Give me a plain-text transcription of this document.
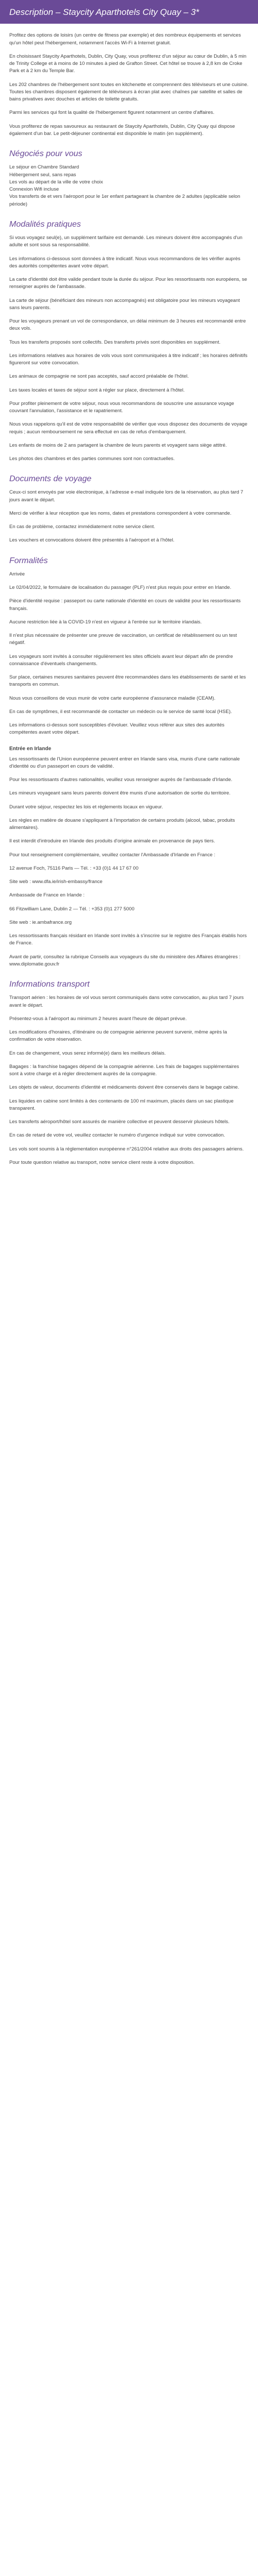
Description – Staycity Aparthotels City Quay – 3*

Profitez des options de loisirs (un centre de fitness par exemple) et des nombreux équipements et services qu'un hôtel peut l'hébergement, notamment l'accès Wi-Fi à Internet gratuit.

En choisissant Staycity Aparthotels, Dublin, City Quay, vous profiterez d'un séjour au cœur de Dublin, à 5 min de Trinity College et à moins de 10 minutes à pied de Grafton Street. Cet hôtel se trouve à 2,8 km de Croke Park et à 2 km du Temple Bar.

Les 202 chambres de l'hébergement sont toutes en kitchenette et comprennent des téléviseurs et une cuisine. Toutes les chambres disposent également de téléviseurs à écran plat avec chaînes par satellite et salles de bains privatives avec douches et articles de toilette gratuits.

Parmi les services qui font la qualité de l'hébergement figurent notamment un centre d'affaires.

Vous profiterez de repas savoureux au restaurant de Staycity Aparthotels, Dublin, City Quay qui dispose également d'un bar. Le petit-déjeuner continental est disponible le matin (en supplément).

Négociés pour vous
Le séjour en Chambre Standard
Hébergement seul, sans repas
Les vols au départ de la ville de votre choix
Connexion Wifi incluse
Vos transferts de et vers l'aéroport pour le 1er enfant partageant la chambre de 2 adultes (applicable selon période)
Modalités pratiques

Si vous voyagez seul(e), un supplément tarifaire est demandé. Les mineurs doivent être accompagnés d'un adulte et sont sous sa responsabilité.

Les informations ci-dessous sont données à titre indicatif. Nous vous recommandons de les vérifier auprès des autorités compétentes avant votre départ.

La carte d'identité doit être valide pendant toute la durée du séjour. Pour les ressortissants non européens, se renseigner auprès de l'ambassade.

La carte de séjour (bénéficiant des mineurs non accompagnés) est obligatoire pour les mineurs voyageant sans leurs parents.

Pour les voyageurs prenant un vol de correspondance, un délai minimum de 3 heures est recommandé entre deux vols.

Tous les transferts proposés sont collectifs. Des transferts privés sont disponibles en supplément.

Les informations relatives aux horaires de vols vous sont communiquées à titre indicatif ; les horaires définitifs figureront sur votre convocation.

Les animaux de compagnie ne sont pas acceptés, sauf accord préalable de l'hôtel.

Les taxes locales et taxes de séjour sont à régler sur place, directement à l'hôtel.

Pour profiter pleinement de votre séjour, nous vous recommandons de souscrire une assurance voyage couvrant l'annulation, l'assistance et le rapatriement.

Nous vous rappelons qu'il est de votre responsabilité de vérifier que vous disposez des documents de voyage requis ; aucun remboursement ne sera effectué en cas de refus d'embarquement.

Les enfants de moins de 2 ans partagent la chambre de leurs parents et voyagent sans siège attitré.

Les photos des chambres et des parties communes sont non contractuelles.

Documents de voyage

Ceux-ci sont envoyés par voie électronique, à l'adresse e-mail indiquée lors de la réservation, au plus tard 7 jours avant le départ.

Merci de vérifier à leur réception que les noms, dates et prestations correspondent à votre commande.

En cas de problème, contactez immédiatement notre service client.

Les vouchers et convocations doivent être présentés à l'aéroport et à l'hôtel.

Formalités

Arrivée

Le 02/04/2022, le formulaire de localisation du passager (PLF) n'est plus requis pour entrer en Irlande.

Pièce d'identité requise : passeport ou carte nationale d'identité en cours de validité pour les ressortissants français.

Aucune restriction liée à la COVID-19 n'est en vigueur à l'entrée sur le territoire irlandais.

Il n'est plus nécessaire de présenter une preuve de vaccination, un certificat de rétablissement ou un test négatif.

Les voyageurs sont invités à consulter régulièrement les sites officiels avant leur départ afin de prendre connaissance d'éventuels changements.

Sur place, certaines mesures sanitaires peuvent être recommandées dans les établissements de santé et les transports en commun.

Nous vous conseillons de vous munir de votre carte européenne d'assurance maladie (CEAM).

En cas de symptômes, il est recommandé de contacter un médecin ou le service de santé local (HSE).

Les informations ci-dessus sont susceptibles d'évoluer. Veuillez vous référer aux sites des autorités compétentes avant votre départ.

Entrée en Irlande

Les ressortissants de l'Union européenne peuvent entrer en Irlande sans visa, munis d'une carte nationale d'identité ou d'un passeport en cours de validité.

Pour les ressortissants d'autres nationalités, veuillez vous renseigner auprès de l'ambassade d'Irlande.

Les mineurs voyageant sans leurs parents doivent être munis d'une autorisation de sortie du territoire.

Durant votre séjour, respectez les lois et règlements locaux en vigueur.

Les règles en matière de douane s'appliquent à l'importation de certains produits (alcool, tabac, produits alimentaires).

Il est interdit d'introduire en Irlande des produits d'origine animale en provenance de pays tiers.

Pour tout renseignement complémentaire, veuillez contacter l'Ambassade d'Irlande en France :

12 avenue Foch, 75116 Paris — Tél. : +33 (0)1 44 17 67 00

Site web : www.dfa.ie/irish-embassy/france

Ambassade de France en Irlande :

66 Fitzwilliam Lane, Dublin 2 — Tél. : +353 (0)1 277 5000

Site web : ie.ambafrance.org

Les ressortissants français résidant en Irlande sont invités à s'inscrire sur le registre des Français établis hors de France.

Avant de partir, consultez la rubrique Conseils aux voyageurs du site du ministère des Affaires étrangères : www.diplomatie.gouv.fr

Informations transport

Transport aérien : les horaires de vol vous seront communiqués dans votre convocation, au plus tard 7 jours avant le départ.

Présentez-vous à l'aéroport au minimum 2 heures avant l'heure de départ prévue.

Les modifications d'horaires, d'itinéraire ou de compagnie aérienne peuvent survenir, même après la confirmation de votre réservation.

En cas de changement, vous serez informé(e) dans les meilleurs délais.

Bagages : la franchise bagages dépend de la compagnie aérienne. Les frais de bagages supplémentaires sont à votre charge et à régler directement auprès de la compagnie.

Les objets de valeur, documents d'identité et médicaments doivent être conservés dans le bagage cabine.

Les liquides en cabine sont limités à des contenants de 100 ml maximum, placés dans un sac plastique transparent.

Les transferts aéroport/hôtel sont assurés de manière collective et peuvent desservir plusieurs hôtels.

En cas de retard de votre vol, veuillez contacter le numéro d'urgence indiqué sur votre convocation.

Les vols sont soumis à la réglementation européenne n°261/2004 relative aux droits des passagers aériens.

Pour toute question relative au transport, notre service client reste à votre disposition.
